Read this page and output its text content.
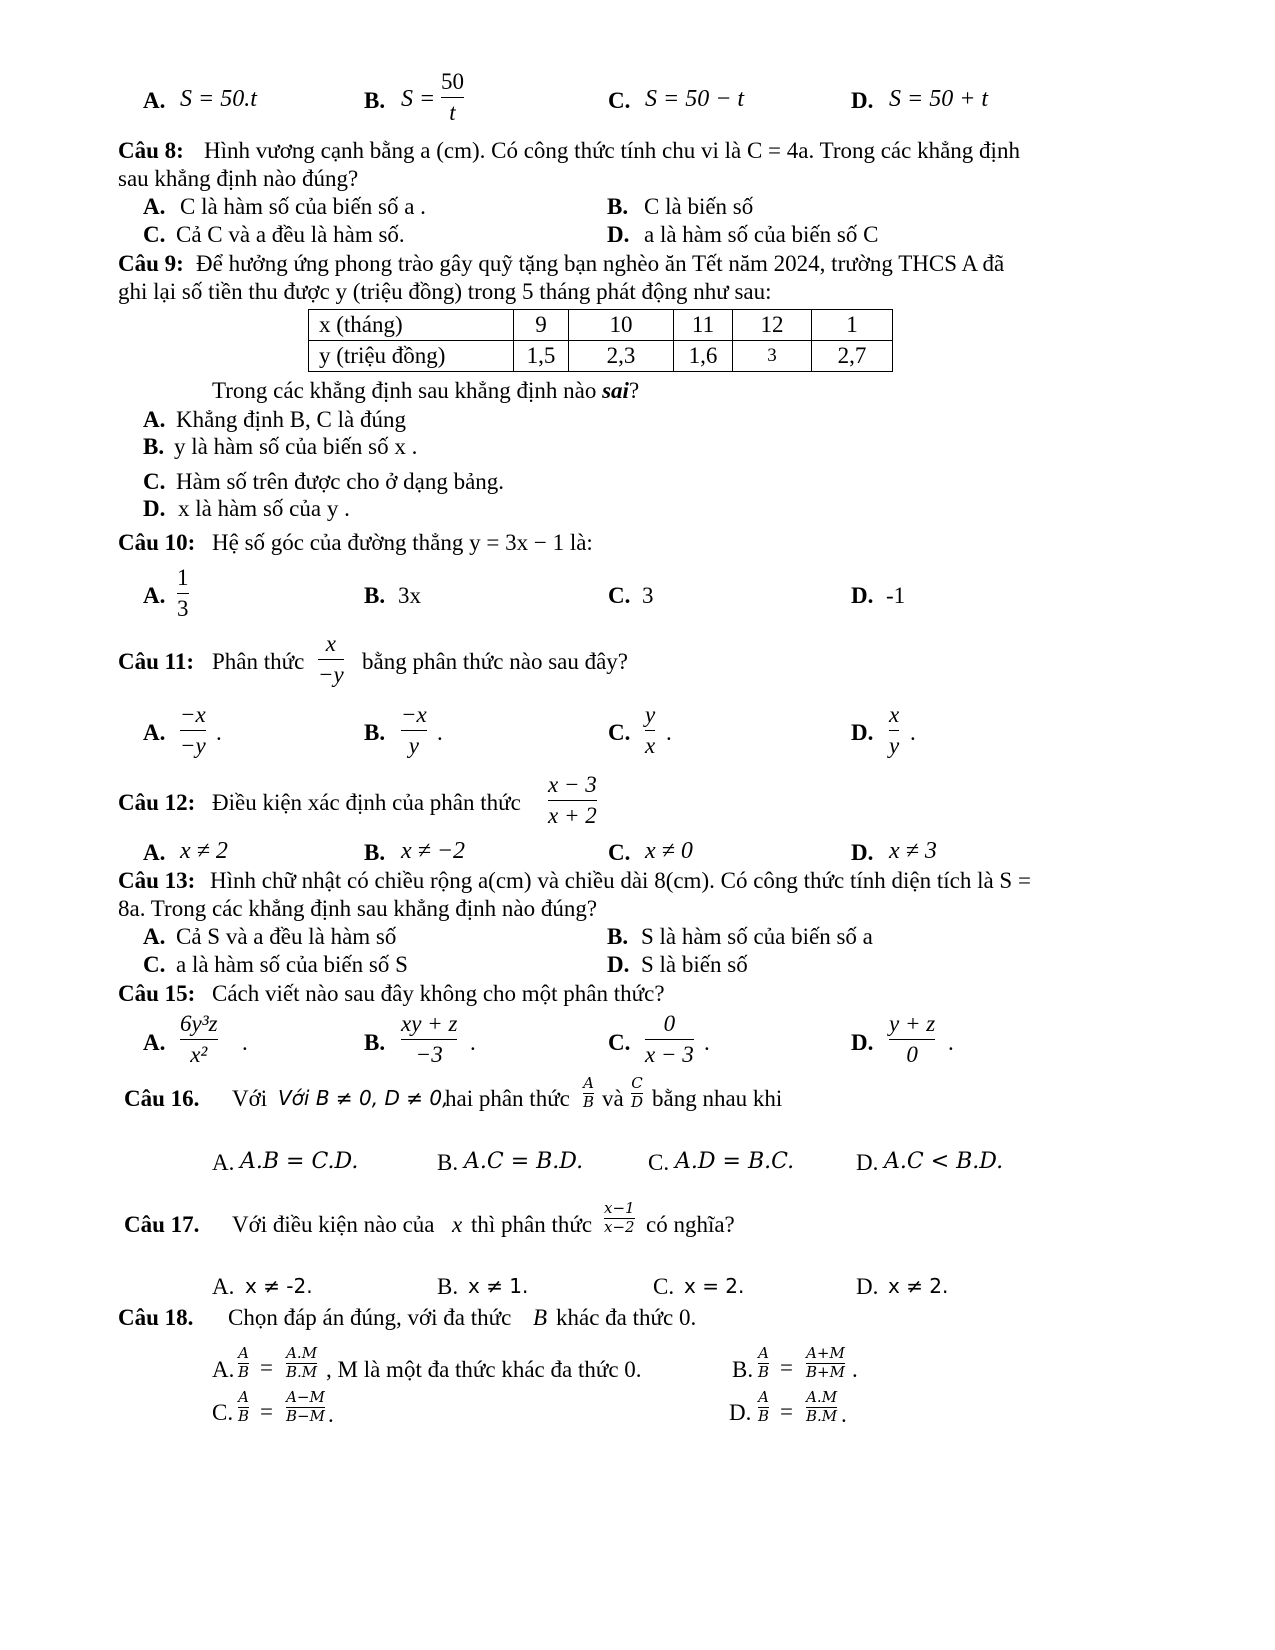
A. S = 50.t	B. S =
50
t	C. S = 50 − t	D. S = 50 + t
Câu 8: Hình vương cạnh bằng a (cm). Có công thức tính chu vi là C = 4a. Trong các khẳng định
sau khẳng định nào đúng?
A. C là hàm số của biến số a .	B. C là biến số
C. Cả C và a đều là hàm số.	D. a là hàm số của biến số C
Câu 9: Để hưởng ứng phong trào gây quỹ tặng bạn nghèo ăn Tết năm 2024, trường THCS A đã
ghi lại số tiền thu được y (triệu đồng) trong 5 tháng phát động như sau:
x (tháng)	9	10	11	12	1
y (triệu đồng)	1,5	2,3	1,6	3	2,7
Trong các khẳng định sau khẳng định nào sai?
A. Khẳng định B, C là đúng
B. y là hàm số của biến số x .
C. Hàm số trên được cho ở dạng bảng.
D. x là hàm số của y .
Câu 10: Hệ số góc của đường thẳng y = 3x − 1 là:
A.
1
3
B. 3x	C. 3	D. -1
Câu 11: Phân thức
x
−y
bằng phân thức nào sau đây?
A.
−x
−y
.	B.
−x
y
.	C.
y
x
.	D.
x
y
.
Câu 12: Điều kiện xác định của phân thức
x − 3
x + 2
A. x ≠ 2	B. x ≠ −2	C. x ≠ 0	D. x ≠ 3
Câu 13: Hình chữ nhật có chiều rộng a(cm) và chiều dài 8(cm). Có công thức tính diện tích là S =
8a. Trong các khẳng định sau khẳng định nào đúng?
A. Cả S và a đều là hàm số	B. S là hàm số của biến số a
C. a là hàm số của biến số S	D. S là biến số
Câu 15: Cách viết nào sau đây không cho một phân thức?
A.
6y³z
x² .	B.
xy + z
−3 .	C.
0
x − 3 .	D.
y + z
0 .
Câu 16. Với Với B ≠ 0, D ≠ 0,
hai phân thức
A
B và
C
D bằng nhau khi
A. A.B = C.D.	B. A.C = B.D.	C. A.D = B.C.	D. A.C < B.D.
Câu 17. Với điều kiện nào của x thì phân thức
x−1
x−2 có nghĩa?
A. x ≠ -2.	B. x ≠ 1.	C. x = 2.	D. x ≠ 2.
Câu 18. Chọn đáp án đúng, với đa thức B khác đa thức 0.
A.
A
B =
A.M
B.M , M là một đa thức khác đa thức 0.	B.
A
B =
A+M
B+M .
C.
A
B =
A−M
B−M .	D.
A
B =
A.M
B.M .
